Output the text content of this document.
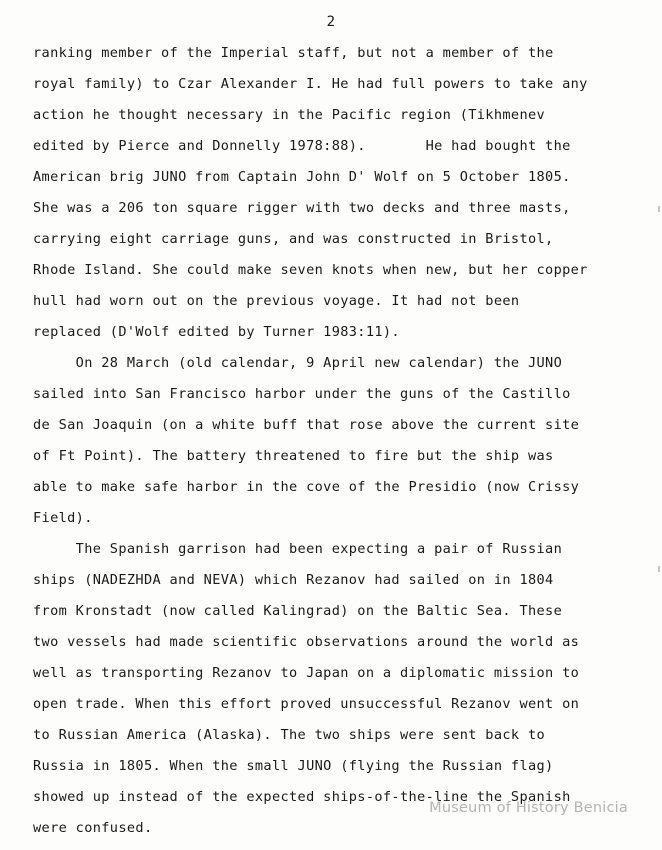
2
ranking member of the Imperial staff, but not a member of the
royal family) to Czar Alexander I. He had full powers to take any
action he thought necessary in the Pacific region (Tikhmenev
edited by Pierce and Donnelly 1978:88).       He had bought the
American brig JUNO from Captain John D' Wolf on 5 October 1805.
She was a 206 ton square rigger with two decks and three masts,
carrying eight carriage guns, and was constructed in Bristol,
Rhode Island. She could make seven knots when new, but her copper
hull had worn out on the previous voyage. It had not been
replaced (D'Wolf edited by Turner 1983:11).
On 28 March (old calendar, 9 April new calendar) the JUNO
sailed into San Francisco harbor under the guns of the Castillo
de San Joaquin (on a white buff that rose above the current site
of Ft Point). The battery threatened to fire but the ship was
able to make safe harbor in the cove of the Presidio (now Crissy
Field).
The Spanish garrison had been expecting a pair of Russian
ships (NADEZHDA and NEVA) which Rezanov had sailed on in 1804
from Kronstadt (now called Kalingrad) on the Baltic Sea. These
two vessels had made scientific observations around the world as
well as transporting Rezanov to Japan on a diplomatic mission to
open trade. When this effort proved unsuccessful Rezanov went on
to Russian America (Alaska). The two ships were sent back to
Russia in 1805. When the small JUNO (flying the Russian flag)
showed up instead of the expected ships-of-the-line the Spanish
were confused.
Museum of History Benicia
